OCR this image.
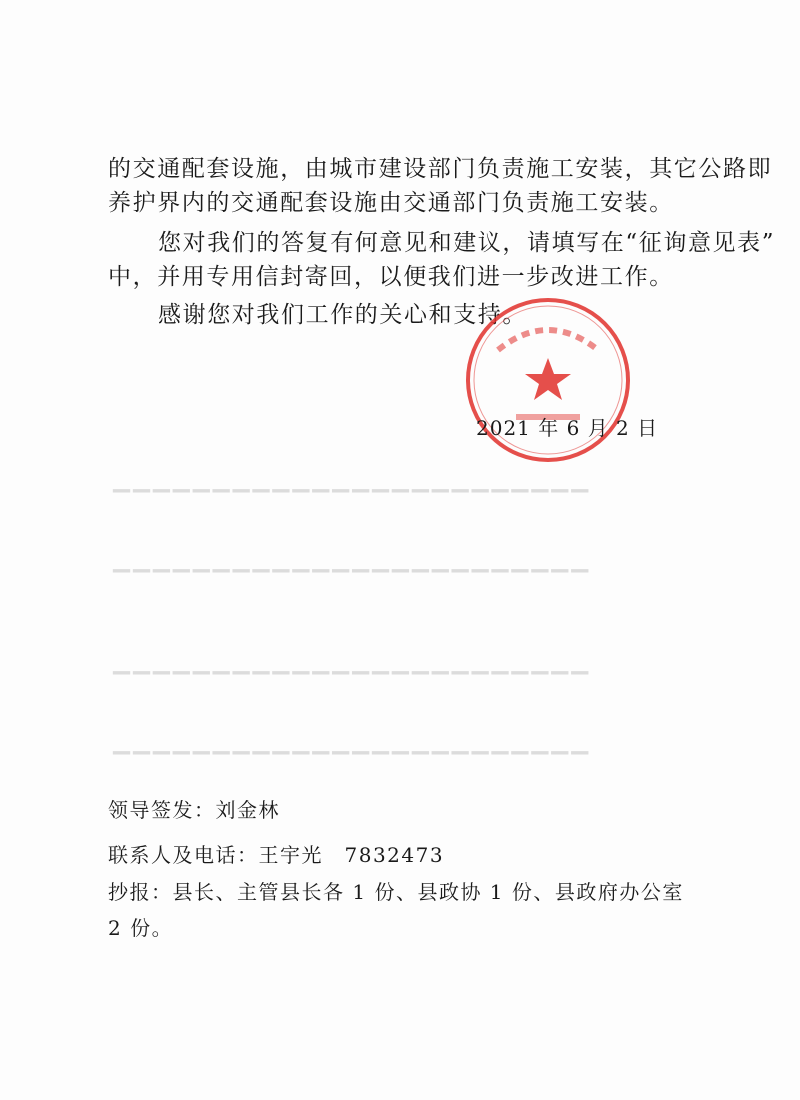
▁▁▁▁▁▁▁▁▁▁▁▁▁▁▁▁▁▁▁▁▁▁▁▁
▁▁▁▁▁▁▁▁▁▁▁▁▁▁▁▁▁▁▁▁▁▁▁▁
▁▁▁▁▁▁▁▁▁▁▁▁▁▁▁▁▁▁▁▁▁▁▁▁
▁▁▁▁▁▁▁▁▁▁▁▁▁▁▁▁▁▁▁▁▁▁▁▁
的交通配套设施，由城市建设部门负责施工安装，其它公路即
养护界内的交通配套设施由交通部门负责施工安装。
您对我们的答复有何意见和建议，请填写在“征询意见表”
中，并用专用信封寄回，以便我们进一步改进工作。
感谢您对我们工作的关心和支持。
2021 年 6 月 2 日
领导签发：刘金林
联系人及电话：王宇光　7832473
抄报：县长、主管县长各 1 份、县政协 1 份、县政府办公室
2 份。
